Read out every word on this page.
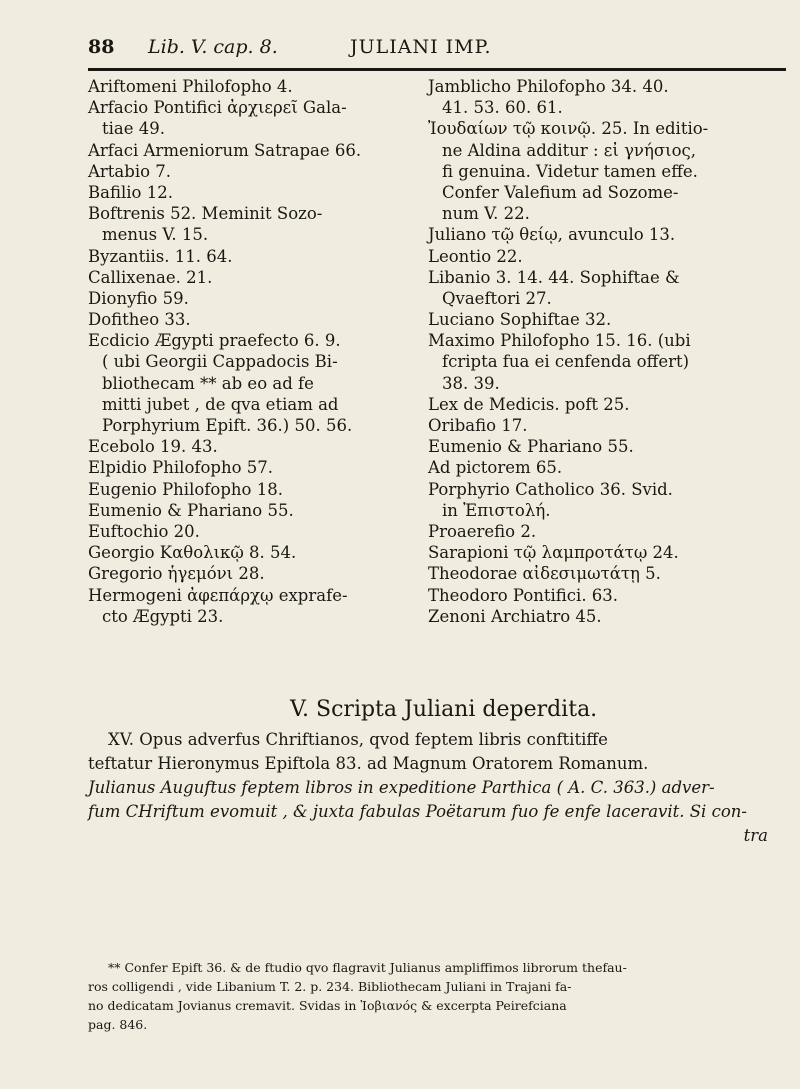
88 Lib. V. cap. 8.	JULIANI IMP.
Ariftomeni Philofopho 4.
Arfacio Pontifici ἀρχιερεῖ Gala-
tiae 49.
Arfaci Armeniorum Satrapae 66.
Artabio 7.
Bafilio 12.
Boftrenis 52. Meminit Sozo-
menus V. 15.
Byzantiis. 11. 64.
Callixenae. 21.
Dionyfio 59.
Dofitheo 33.
Ecdicio Ægypti praefecto 6. 9.
( ubi Georgii Cappadocis Bi-
bliothecam ** ab eo ad fe
mitti jubet , de qva etiam ad
Porphyrium Epift. 36.) 50. 56.
Ecebolo 19. 43.
Elpidio Philofopho 57.
Eugenio Philofopho 18.
Eumenio & Phariano 55.
Euftochio 20.
Georgio Καθολικῷ 8. 54.
Gregorio ἡγεμόνι 28.
Hermogeni ἀφεπάρχῳ exprafe-
cto Ægypti 23.
Jamblicho Philofopho 34. 40.
41. 53. 60. 61.
Ἰουδαίων τῷ κοινῷ. 25. In editio-
ne Aldina additur : εἰ γνήσιος,
fi genuina. Videtur tamen effe.
Confer Valefium ad Sozome-
num V. 22.
Juliano τῷ θείῳ, avunculo 13.
Leontio 22.
Libanio 3. 14. 44. Sophiftae &
Qvaeftori 27.
Luciano Sophiftae 32.
Maximo Philofopho 15. 16. (ubi
fcripta fua ei cenfenda offert)
38. 39.
Lex de Medicis. poft 25.
Oribafio 17.
Eumenio & Phariano 55.
Ad pictorem 65.
Porphyrio Catholico 36. Svid.
in Ἐπιστολή.
Proaerefio 2.
Sarapioni τῷ λαμπροτάτῳ 24.
Theodorae αἰδεσιμωτάτῃ 5.
Theodoro Pontifici. 63.
Zenoni Archiatro 45.
V. Scripta Juliani deperdita.
XV. Opus adverfus Chriftianos, qvod feptem libris conftitiffe
teftatur Hieronymus Epiftola 83. ad Magnum Oratorem Romanum.
Julianus Auguftus feptem libros in expeditione Parthica ( A. C. 363.) adver-
fum CHriftum evomuit , & juxta fabulas Poëtarum fuo fe enfe laceravit. Si con-
tra
** Confer Epift 36. & de ftudio qvo flagravit Julianus ampliffimos librorum thefau-
ros colligendi , vide Libanium T. 2. p. 234. Bibliothecam Juliani in Trajani fa-
no dedicatam Jovianus cremavit. Svidas in Ἰοβιανός & excerpta Peirefciana
pag. 846.
